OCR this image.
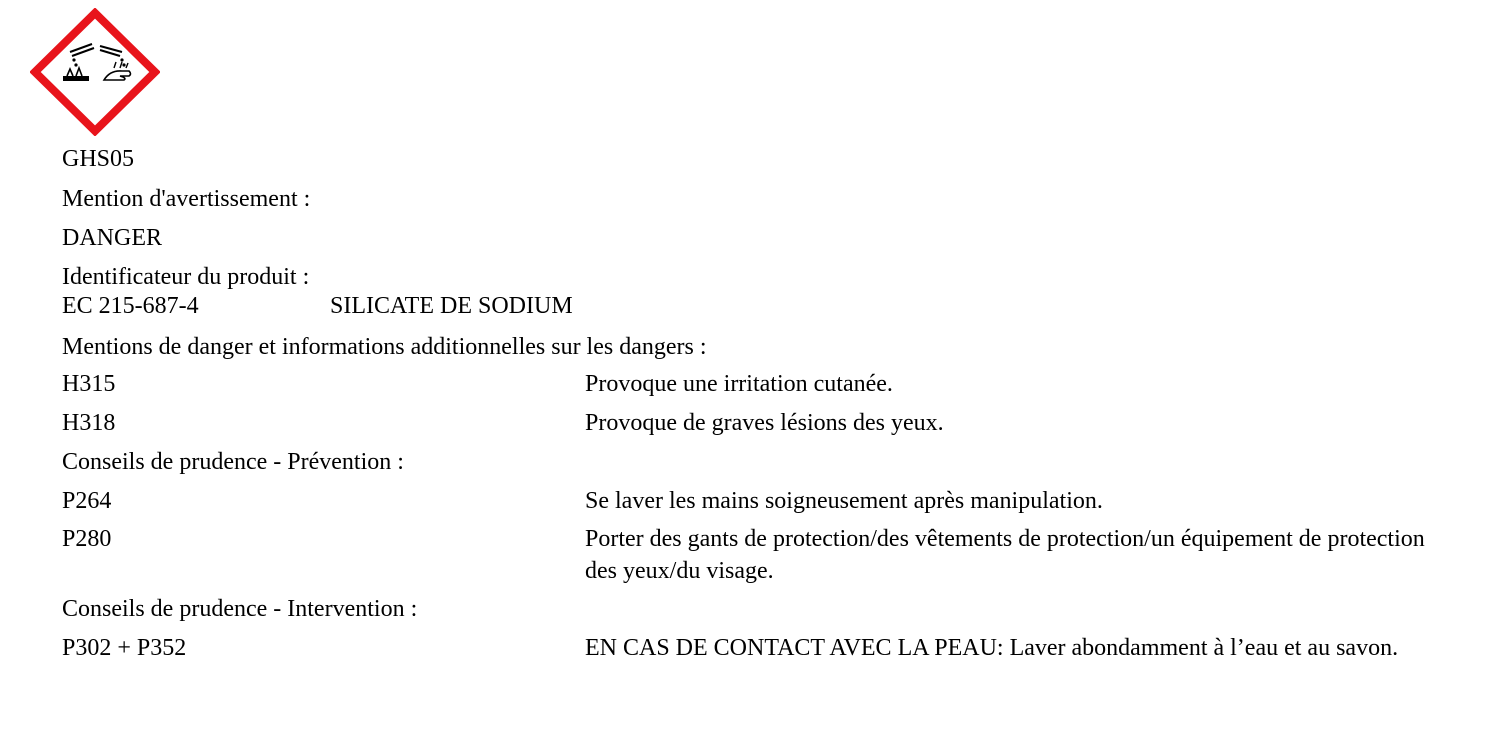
GHS05
Mention d'avertissement :
DANGER
Identificateur du produit :
EC 215-687-4	SILICATE DE SODIUM
Mentions de danger et informations additionnelles sur les dangers :
H315	Provoque une irritation cutanée.
H318	Provoque de graves lésions des yeux.
Conseils de prudence - Prévention :
P264	Se laver les mains soigneusement après manipulation.
P280	Porter des gants de protection/des vêtements de protection/un équipement de protection des yeux/du visage.
Conseils de prudence - Intervention :
P302 + P352	EN CAS DE CONTACT AVEC LA PEAU: Laver abondamment à l’eau et au savon.
